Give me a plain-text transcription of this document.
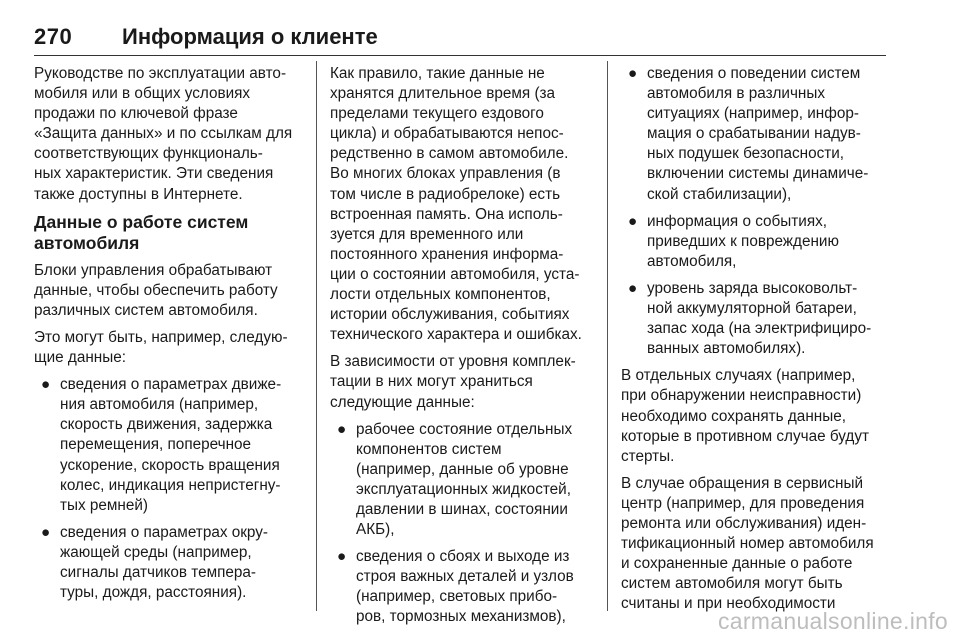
270 Информация о клиенте

Руководстве по эксплуатации авто-
мобиля или в общих условиях
продажи по ключевой фразе
«Защита данных» и по ссылкам для
соответствующих функциональ-
ных характеристик. Эти сведения
также доступны в Интернете.

Данные о работе систем
автомобиля

Блоки управления обрабатывают
данные, чтобы обеспечить работу
различных систем автомобиля.

Это могут быть, например, следую-
щие данные:

● сведения о параметрах движе-
ния автомобиля (например,
скорость движения, задержка
перемещения, поперечное
ускорение, скорость вращения
колес, индикация непристегну-
тых ремней)
● сведения о параметрах окру-
жающей среды (например,
сигналы датчиков темпера-
туры, дождя, расстояния).

Как правило, такие данные не
хранятся длительное время (за
пределами текущего ездового
цикла) и обрабатываются непос-
редственно в самом автомобиле.
Во многих блоках управления (в
том числе в радиобрелоке) есть
встроенная память. Она исполь-
зуется для временного или
постоянного хранения информа-
ции о состоянии автомобиля, уста-
лости отдельных компонентов,
истории обслуживания, событиях
технического характера и ошибках.

В зависимости от уровня комплек-
тации в них могут храниться
следующие данные:

● рабочее состояние отдельных
компонентов систем
(например, данные об уровне
эксплуатационных жидкостей,
давлении в шинах, состоянии
АКБ),
● сведения о сбоях и выходе из
строя важных деталей и узлов
(например, световых прибо-
ров, тормозных механизмов),
● сведения о поведении систем
автомобиля в различных
ситуациях (например, инфор-
мация о срабатывании надув-
ных подушек безопасности,
включении системы динамиче-
ской стабилизации),
● информация о событиях,
приведших к повреждению
автомобиля,
● уровень заряда высоковольт-
ной аккумуляторной батареи,
запас хода (на электрифициро-
ванных автомобилях).

В отдельных случаях (например,
при обнаружении неисправности)
необходимо сохранять данные,
которые в противном случае будут
стерты.

В случае обращения в сервисный
центр (например, для проведения
ремонта или обслуживания) иден-
тификационный номер автомобиля
и сохраненные данные о работе
систем автомобиля могут быть
считаны и при необходимости

carmanualsonline.info
